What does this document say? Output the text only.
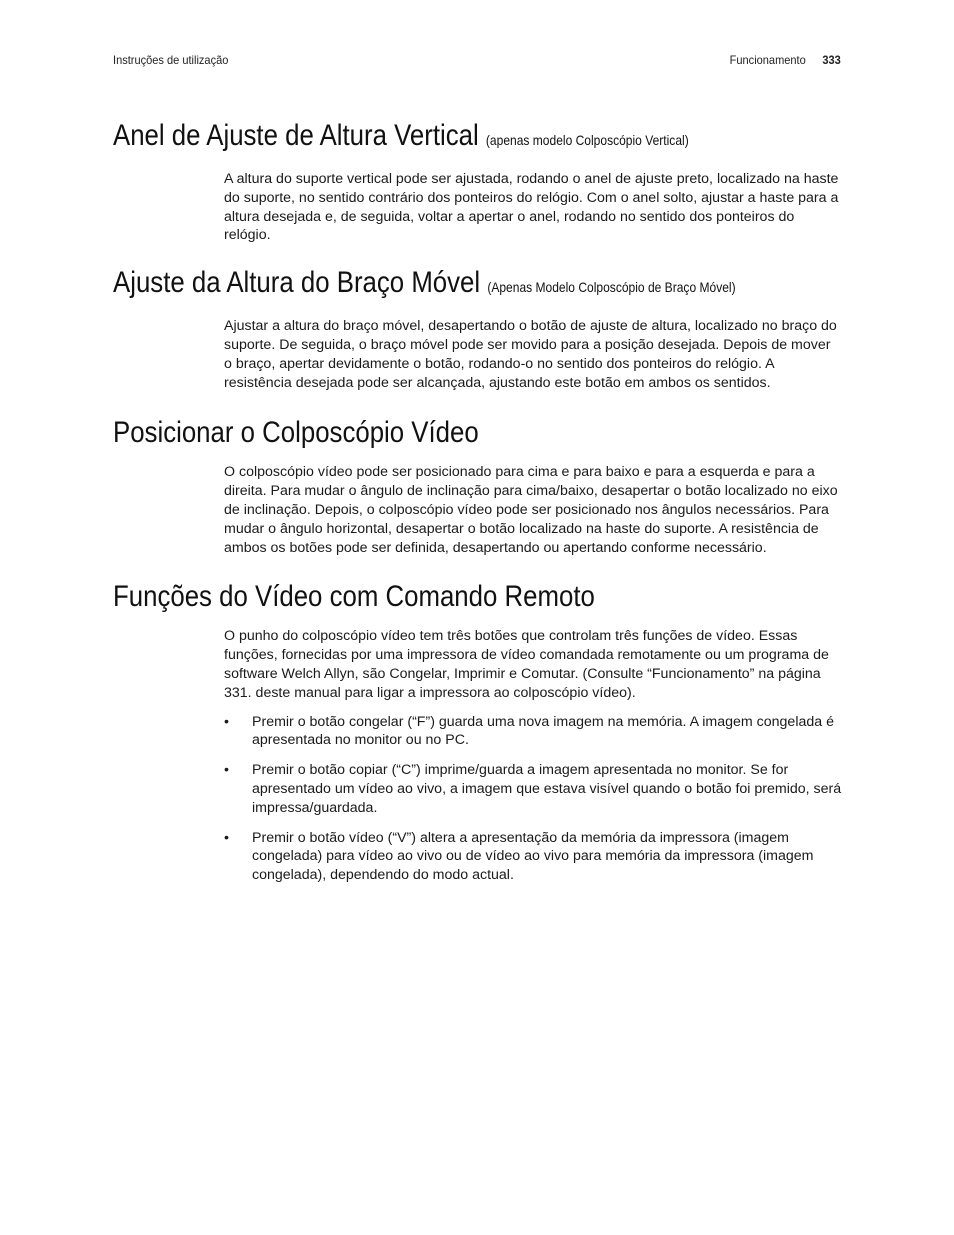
Instruções de utilização	Funcionamento 333
Anel de Ajuste de Altura Vertical (apenas modelo Colposcópio Vertical)

A altura do suporte vertical pode ser ajustada, rodando o anel de ajuste preto, localizado na haste do suporte, no sentido contrário dos ponteiros do relógio. Com o anel solto, ajustar a haste para a altura desejada e, de seguida, voltar a apertar o anel, rodando no sentido dos ponteiros do relógio.

Ajuste da Altura do Braço Móvel (Apenas Modelo Colposcópio de Braço Móvel)

Ajustar a altura do braço móvel, desapertando o botão de ajuste de altura, localizado no braço do suporte. De seguida, o braço móvel pode ser movido para a posição desejada. Depois de mover o braço, apertar devidamente o botão, rodando-o no sentido dos ponteiros do relógio. A resistência desejada pode ser alcançada, ajustando este botão em ambos os sentidos.

Posicionar o Colposcópio Vídeo

O colposcópio vídeo pode ser posicionado para cima e para baixo e para a esquerda e para a direita. Para mudar o ângulo de inclinação para cima/baixo, desapertar o botão localizado no eixo de inclinação. Depois, o colposcópio vídeo pode ser posicionado nos ângulos necessários. Para mudar o ângulo horizontal, desapertar o botão localizado na haste do suporte. A resistência de ambos os botões pode ser definida, desapertando ou apertando conforme necessário.

Funções do Vídeo com Comando Remoto

O punho do colposcópio vídeo tem três botões que controlam três funções de vídeo. Essas funções, fornecidas por uma impressora de vídeo comandada remotamente ou um programa de software Welch Allyn, são Congelar, Imprimir e Comutar. (Consulte “Funcionamento” na página 331. deste manual para ligar a impressora ao colposcópio vídeo).

• Premir o botão congelar (“F”) guarda uma nova imagem na memória. A imagem congelada é apresentada no monitor ou no PC.
• Premir o botão copiar (“C”) imprime/guarda a imagem apresentada no monitor. Se for apresentado um vídeo ao vivo, a imagem que estava visível quando o botão foi premido, será impressa/guardada.
• Premir o botão vídeo (“V”) altera a apresentação da memória da impressora (imagem congelada) para vídeo ao vivo ou de vídeo ao vivo para memória da impressora (imagem congelada), dependendo do modo actual.
